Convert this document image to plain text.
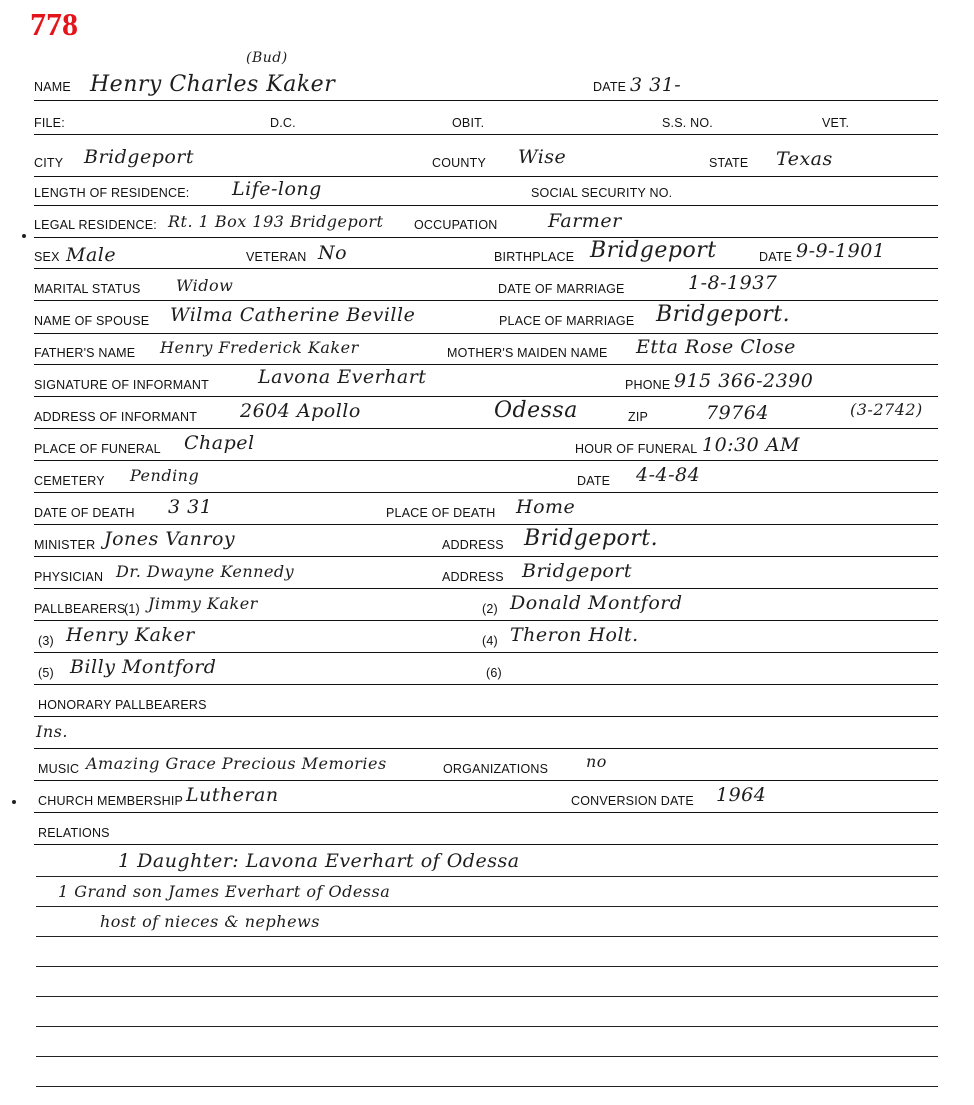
778
NAME
(Bud)
Henry Charles Kaker	DATE 3 31-
FILE:	D.C.	OBIT.	S.S. NO.	VET.
CITY Bridgeport	COUNTY Wise	STATE Texas
LENGTH OF RESIDENCE: Life-long	SOCIAL SECURITY NO.
LEGAL RESIDENCE: Rt. 1 Box 193 Bridgeport OCCUPATION	Farmer
SEX Male	VETERAN No	BIRTHPLACE Bridgeport	DATE 9-9-1901
MARITAL STATUS Widow	DATE OF MARRIAGE	1-8-1937
NAME OF SPOUSE Wilma Catherine Beville	PLACE OF MARRIAGE Bridgeport.
FATHER'S NAME Henry Frederick Kaker	MOTHER'S MAIDEN NAME Etta Rose Close
SIGNATURE OF INFORMANT	Lavona Everhart	PHONE 915 366-2390
ADDRESS OF INFORMANT 2604 Apollo	Odessa	ZIP	79764	(3-2742)
PLACE OF FUNERAL Chapel	HOUR OF FUNERAL 10:30 AM
CEMETERY Pending	DATE 4-4-84
DATE OF DEATH 3 31	PLACE OF DEATH Home
MINISTER Jones Vanroy	ADDRESS Bridgeport.
PHYSICIAN Dr. Dwayne Kennedy	ADDRESS Bridgeport
PALLBEARERS
(1) Jimmy Kaker	(2) Donald Montford
(3) Henry Kaker	(4) Theron Holt.
(5) Billy Montford	(6)
HONORARY PALLBEARERS
Ins.
MUSIC Amazing Grace Precious Memories	ORGANIZATIONS no
CHURCH MEMBERSHIP Lutheran	CONVERSION DATE 1964
RELATIONS
1 Daughter: Lavona Everhart of Odessa
1 Grand son James Everhart of Odessa
host of nieces & nephews
